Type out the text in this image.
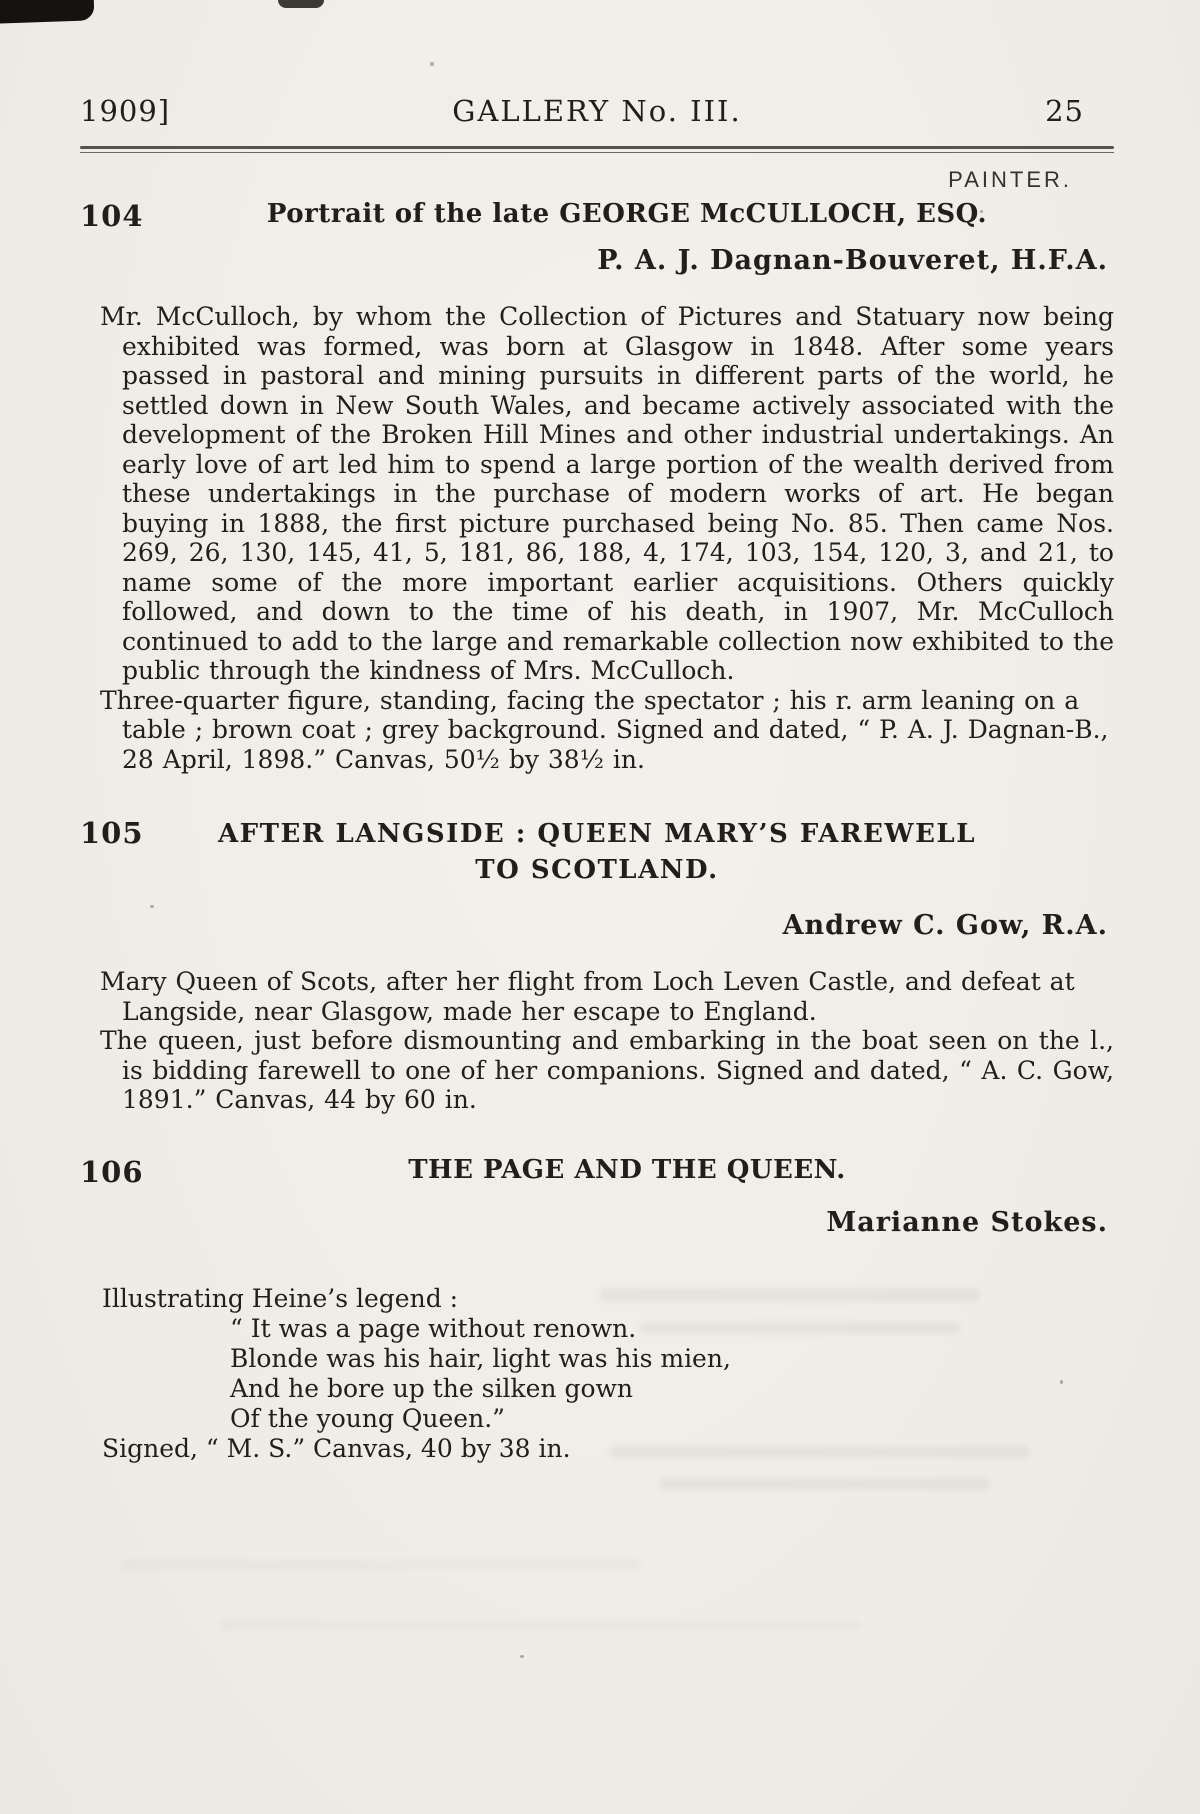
1909]	GALLERY No. III.	25
PAINTER.
104	Portrait of the late GEORGE McCULLOCH, ESQ.
P. A. J. Dagnan-Bouveret, H.F.A.

Mr. McCulloch, by whom the Collection of Pictures and Statuary now being exhibited was formed, was born at Glasgow in 1848. After some years passed in pastoral and mining pursuits in different parts of the world, he settled down in New South Wales, and became actively associated with the development of the Broken Hill Mines and other industrial undertakings. An early love of art led him to spend a large portion of the wealth derived from these undertakings in the purchase of modern works of art. He began buying in 1888, the first picture purchased being No. 85. Then came Nos. 269, 26, 130, 145, 41, 5, 181, 86, 188, 4, 174, 103, 154, 120, 3, and 21, to name some of the more important earlier acquisitions. Others quickly followed, and down to the time of his death, in 1907, Mr. McCulloch continued to add to the large and remarkable collection now exhibited to the public through the kindness of Mrs. McCulloch.

Three-quarter figure, standing, facing the spectator ; his r. arm leaning on a table ; brown coat ; grey background. Signed and dated, “ P. A. J. Dagnan-B., 28 April, 1898.” Canvas, 50½ by 38½ in.

105	AFTER LANGSIDE : QUEEN MARY’S FAREWELL TO SCOTLAND.
Andrew C. Gow, R.A.

Mary Queen of Scots, after her flight from Loch Leven Castle, and defeat at Langside, near Glasgow, made her escape to England.

The queen, just before dismounting and embarking in the boat seen on the l., is bidding farewell to one of her companions. Signed and dated, “ A. C. Gow, 1891.” Canvas, 44 by 60 in.

106	THE PAGE AND THE QUEEN.
Marianne Stokes.
Illustrating Heine’s legend :
“ It was a page without renown.
Blonde was his hair, light was his mien,
And he bore up the silken gown
Of the young Queen.”
Signed, “ M. S.” Canvas, 40 by 38 in.
